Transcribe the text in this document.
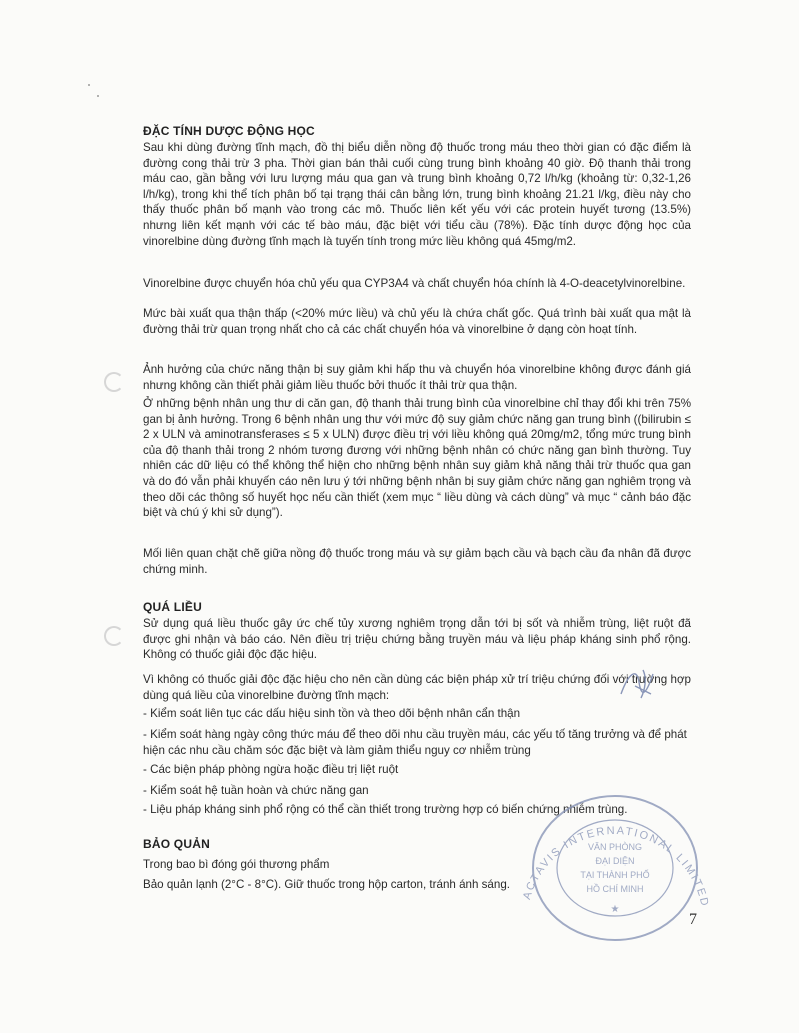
ĐẶC TÍNH DƯỢC ĐỘNG HỌC

Sau khi dùng đường tĩnh mạch, đồ thị biểu diễn nồng độ thuốc trong máu theo thời gian có đặc điểm là đường cong thải trừ 3 pha. Thời gian bán thải cuối cùng trung bình khoảng 40 giờ. Độ thanh thải trong máu cao, gần bằng với lưu lượng máu qua gan và trung bình khoảng 0,72 l/h/kg (khoảng từ: 0,32-1,26 l/h/kg), trong khi thể tích phân bố tại trạng thái cân bằng lớn, trung bình khoảng 21.21 l/kg, điều này cho thấy thuốc phân bố mạnh vào trong các mô. Thuốc liên kết yếu với các protein huyết tương (13.5%) nhưng liên kết mạnh với các tế bào máu, đặc biệt với tiểu cầu (78%). Đặc tính dược động học của vinorelbine dùng đường tĩnh mạch là tuyến tính trong mức liều không quá 45mg/m2.

Vinorelbine được chuyển hóa chủ yếu qua CYP3A4 và chất chuyển hóa chính là 4-O-deacetylvinorelbine.

Mức bài xuất qua thận thấp (<20% mức liều) và chủ yếu là chứa chất gốc. Quá trình bài xuất qua mật là đường thải trừ quan trọng nhất cho cả các chất chuyển hóa và vinorelbine ở dạng còn hoạt tính.

Ảnh hưởng của chức năng thận bị suy giảm khi hấp thu và chuyển hóa vinorelbine không được đánh giá nhưng không cần thiết phải giảm liều thuốc bởi thuốc ít thải trừ qua thận.

Ở những bệnh nhân ung thư di căn gan, độ thanh thải trung bình của vinorelbine chỉ thay đổi khi trên 75% gan bị ảnh hưởng. Trong 6 bệnh nhân ung thư với mức độ suy giảm chức năng gan trung bình ((bilirubin ≤ 2 x ULN và aminotransferases ≤ 5 x ULN) được điều trị với liều không quá 20mg/m2, tổng mức trung bình của độ thanh thải trong 2 nhóm tương đương với những bệnh nhân có chức năng gan bình thường. Tuy nhiên các dữ liệu có thể không thể hiện cho những bệnh nhân suy giảm khả năng thải trừ thuốc qua gan và do đó vẫn phải khuyến cáo nên lưu ý tới những bệnh nhân bị suy giảm chức năng gan nghiêm trọng và theo dõi các thông số huyết học nếu cần thiết (xem mục “ liều dùng và cách dùng” và mục “ cảnh báo đặc biệt và chú ý khi sử dụng”).

Mối liên quan chặt chẽ giữa nồng độ thuốc trong máu và sự giảm bạch cầu và bạch cầu đa nhân đã được chứng minh.

QUÁ LIỀU

Sử dụng quá liều thuốc gây ức chế tủy xương nghiêm trọng dẫn tới bị sốt và nhiễm trùng, liệt ruột đã được ghi nhận và báo cáo. Nên điều trị triệu chứng bằng truyền máu và liệu pháp kháng sinh phổ rộng. Không có thuốc giải độc đặc hiệu.

Vì không có thuốc giải độc đặc hiệu cho nên cần dùng các biện pháp xử trí triệu chứng đối với trường hợp dùng quá liều của vinorelbine đường tĩnh mạch:

- Kiểm soát liên tục các dấu hiệu sinh tồn và theo dõi bệnh nhân cẩn thận

- Kiểm soát hàng ngày công thức máu để theo dõi nhu cầu truyền máu, các yếu tố tăng trưởng và để phát hiện các nhu cầu chăm sóc đặc biệt và làm giảm thiểu nguy cơ nhiễm trùng

- Các biện pháp phòng ngừa hoặc điều trị liệt ruột

- Kiểm soát hệ tuần hoàn và chức năng gan

- Liệu pháp kháng sinh phổ rộng có thể cần thiết trong trường hợp có biến chứng nhiễm trùng.

BẢO QUẢN

Trong bao bì đóng gói thương phẩm

Bảo quản lạnh (2°C - 8°C). Giữ thuốc trong hộp carton, tránh ánh sáng.

ACTAVIS INTERNATIONAL LIMITED
VĂN PHÒNG
ĐẠI DIỆN
TẠI THÀNH PHỐ
HỒ CHÍ MINH
★
7
